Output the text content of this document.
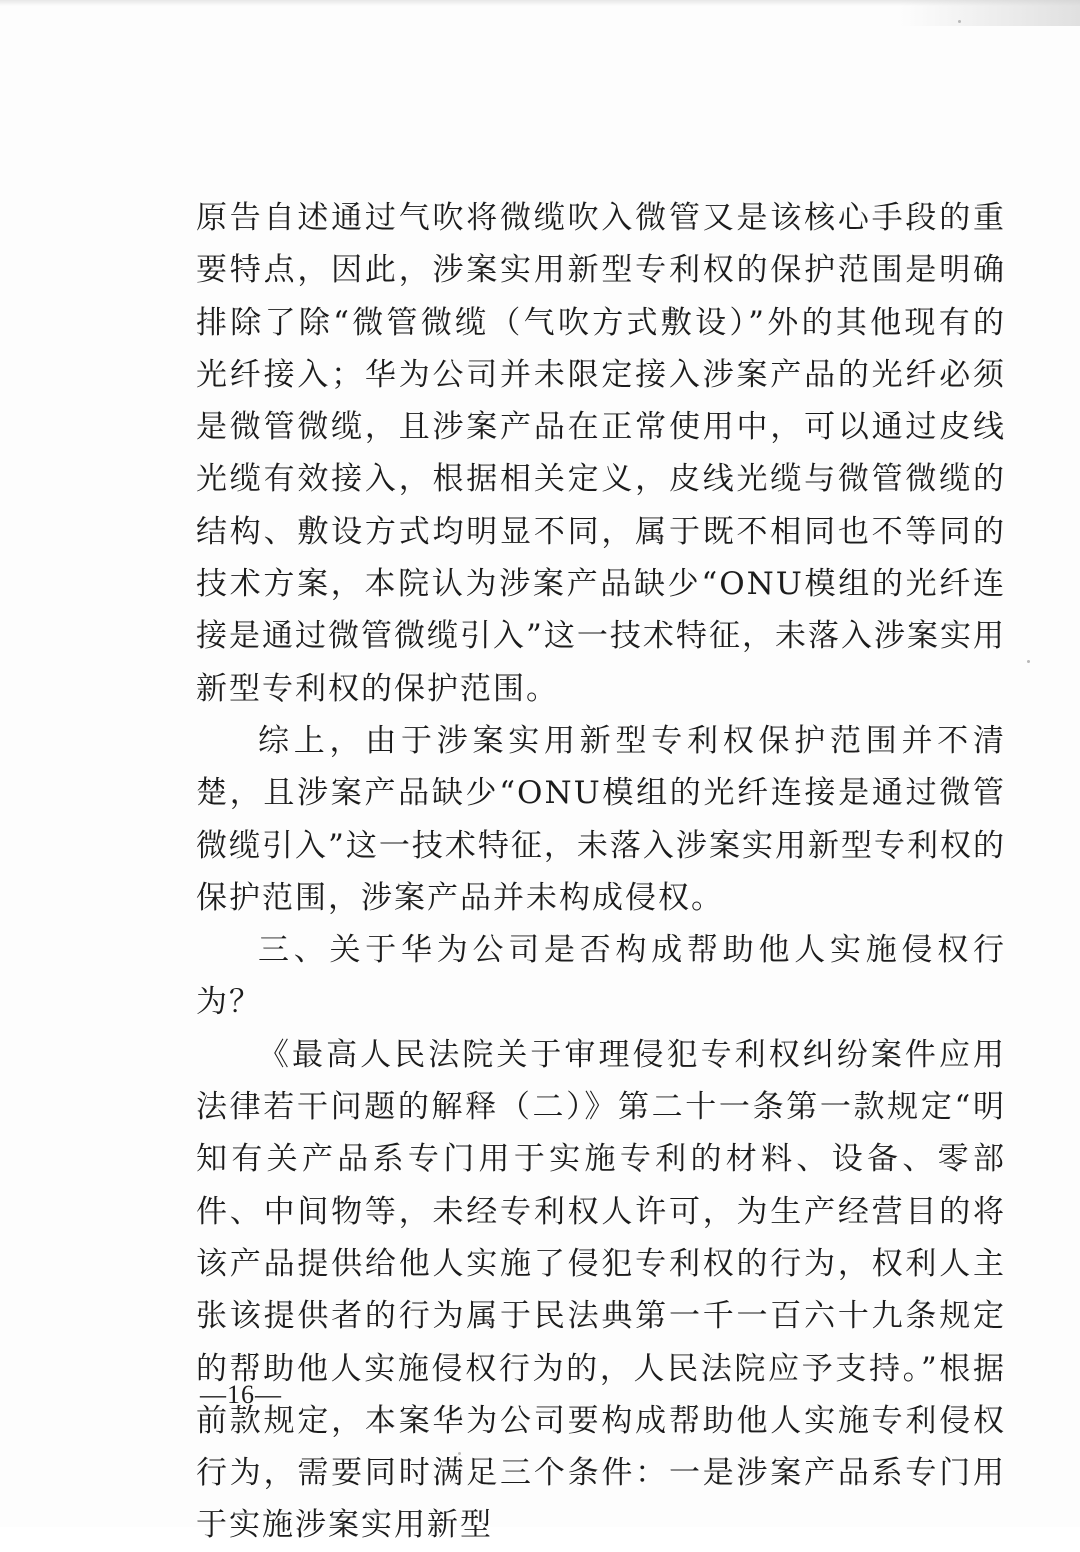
原告自述通过气吹将微缆吹入微管又是该核心手段的重要特点，因此，涉案实用新型专利权的保护范围是明确排除了除“微管微缆（气吹方式敷设）”外的其他现有的光纤接入；华为公司并未限定接入涉案产品的光纤必须是微管微缆，且涉案产品在正常使用中，可以通过皮线光缆有效接入，根据相关定义，皮线光缆与微管微缆的结构、敷设方式均明显不同，属于既不相同也不等同的技术方案，本院认为涉案产品缺少“ONU模组的光纤连接是通过微管微缆引入”这一技术特征，未落入涉案实用新型专利权的保护范围。

综上，由于涉案实用新型专利权保护范围并不清楚，且涉案产品缺少“ONU模组的光纤连接是通过微管微缆引入”这一技术特征，未落入涉案实用新型专利权的保护范围，涉案产品并未构成侵权。

三、关于华为公司是否构成帮助他人实施侵权行为？

《最高人民法院关于审理侵犯专利权纠纷案件应用法律若干问题的解释（二）》第二十一条第一款规定“明知有关产品系专门用于实施专利的材料、设备、零部件、中间物等，未经专利权人许可，为生产经营目的将该产品提供给他人实施了侵犯专利权的行为，权利人主张该提供者的行为属于民法典第一千一百六十九条规定的帮助他人实施侵权行为的，人民法院应予支持。”根据前款规定，本案华为公司要构成帮助他人实施专利侵权行为，需要同时满足三个条件：一是涉案产品系专门用于实施涉案实用新型

—16—
